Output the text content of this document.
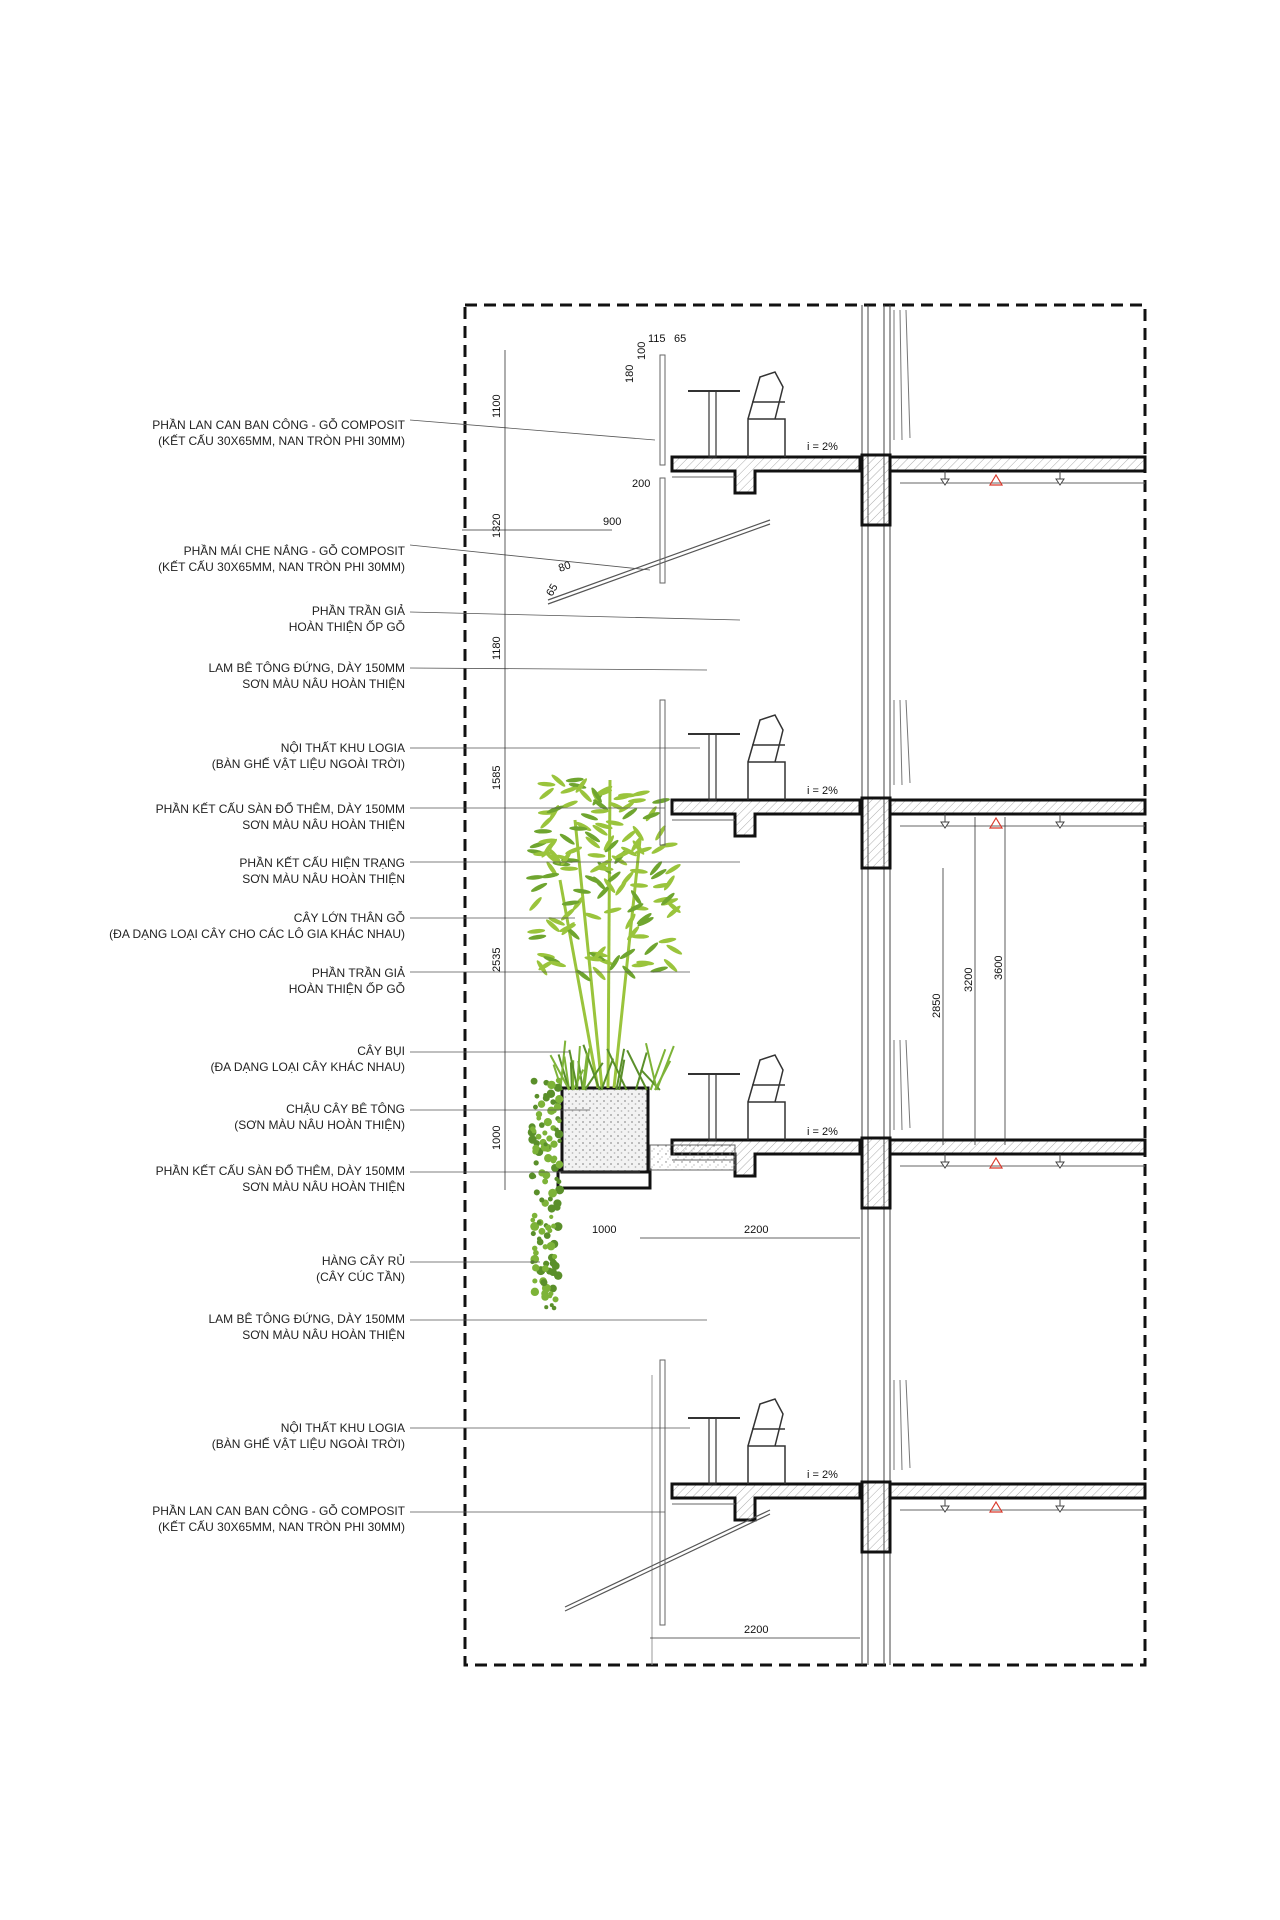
PHẦN LAN CAN BAN CÔNG - GỖ COMPOSIT
(KẾT CẤU 30X65MM, NAN TRÒN PHI 30MM)
PHẦN MÁI CHE NẮNG - GỖ COMPOSIT
(KẾT CẤU 30X65MM, NAN TRÒN PHI 30MM)
PHẦN TRẦN GIẢ
HOÀN THIỆN ỐP GỖ
LAM BÊ TÔNG ĐỨNG, DÀY 150MM
SƠN MÀU NÂU HOÀN THIỆN
NỘI THẤT KHU LOGIA
(BÀN GHẾ VẬT LIỆU NGOÀI TRỜI)
PHẦN KẾT CẤU SÀN ĐỔ THÊM, DÀY 150MM
SƠN MÀU NÂU HOÀN THIỆN
PHẦN KẾT CẤU HIỆN TRẠNG
SƠN MÀU NÂU HOÀN THIỆN
CÂY LỚN THÂN GỖ
(ĐA DẠNG LOẠI CÂY CHO CÁC LÔ GIA KHÁC NHAU)
PHẦN TRẦN GIẢ
HOÀN THIỆN ỐP GỖ
CÂY BỤI
(ĐA DẠNG LOẠI CÂY KHÁC NHAU)
CHẬU CÂY BÊ TÔNG
(SƠN MÀU NÂU HOÀN THIỆN)
PHẦN KẾT CẤU SÀN ĐỔ THÊM, DÀY 150MM
SƠN MÀU NÂU HOÀN THIỆN
HÀNG CÂY RỦ
(CÂY CÚC TẦN)
LAM BÊ TÔNG ĐỨNG, DÀY 150MM
SƠN MÀU NÂU HOÀN THIỆN
NỘI THẤT KHU LOGIA
(BÀN GHẾ VẬT LIỆU NGOÀI TRỜI)
PHẦN LAN CAN BAN CÔNG - GỖ COMPOSIT
(KẾT CẤU 30X65MM, NAN TRÒN PHI 30MM)
1100
1320
1180
1585
2535
1000
180
100
115 65
200
900
80
65
1000	2200
2200
2850
3200 3600
i = 2%
i = 2%
i = 2%
i = 2%
